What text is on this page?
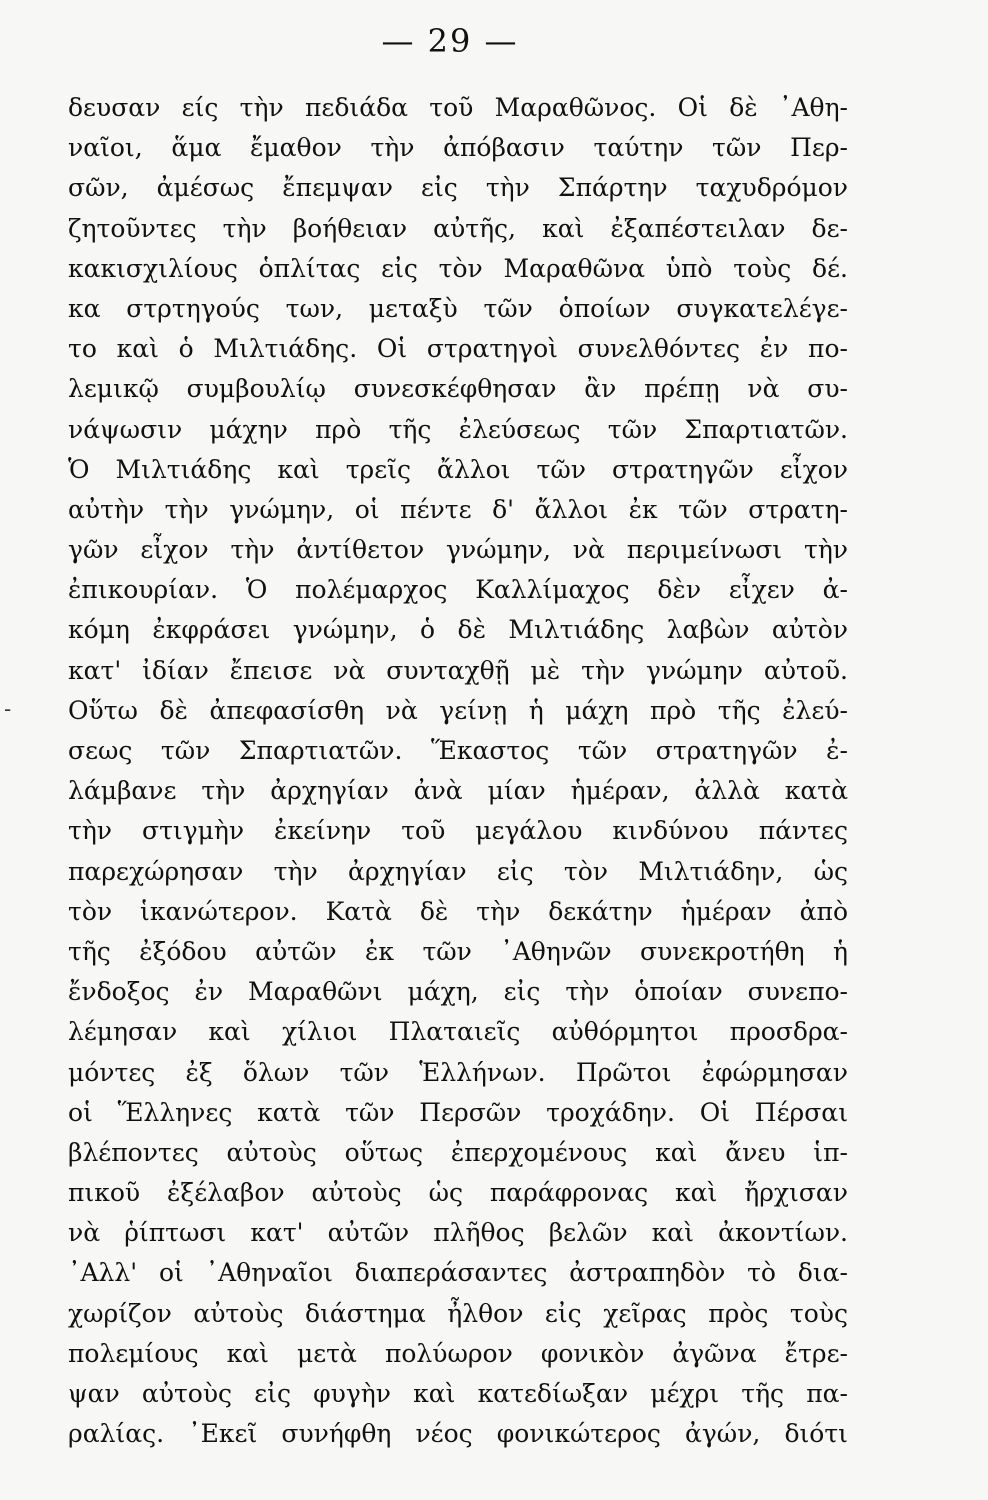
— 29 —
-
δευσαν είς τὴν πεδιάδα τοῦ Μαραθῶνος. Οἱ δὲ ᾿Αθη-
ναῖοι, ἅμα ἔμαθον τὴν ἀπόβασιν ταύτην τῶν Περ-
σῶν, ἀμέσως ἔπεμψαν εἰς τὴν Σπάρτην ταχυδρόμον
ζητοῦντες τὴν βοήθειαν αὐτῆς, καὶ ἐξαπέστειλαν δε-
κακισχιλίους ὁπλίτας εἰς τὸν Μαραθῶνα ὑπὸ τοὺς δέ.
κα στρτηγούς των, μεταξὺ τῶν ὁποίων συγκατελέγε-
το καὶ ὁ Μιλτιάδης. Οἱ στρατηγοὶ συνελθόντες ἐν πο-
λεμικῷ συμβουλίῳ συνεσκέφθησαν ἂν πρέπῃ νὰ συ-
νάψωσιν μάχην πρὸ τῆς ἐλεύσεως τῶν Σπαρτιατῶν.
Ὁ Μιλτιάδης καὶ τρεῖς ἄλλοι τῶν στρατηγῶν εἶχον
αὐτὴν τὴν γνώμην, οἱ πέντε δ' ἄλλοι ἐκ τῶν στρατη-
γῶν εἶχον τὴν ἀντίθετον γνώμην, νὰ περιμείνωσι τὴν
ἐπικουρίαν. Ὁ πολέμαρχος Καλλίμαχος δὲν εἶχεν ἀ-
κόμη ἐκφράσει γνώμην, ὁ δὲ Μιλτιάδης λαβὼν αὐτὸν
κατ' ἰδίαν ἔπεισε νὰ συνταχθῇ μὲ τὴν γνώμην αὐτοῦ.
Οὕτω δὲ ἀπεφασίσθη νὰ γείνῃ ἡ μάχη πρὸ τῆς ἐλεύ-
σεως τῶν Σπαρτιατῶν. Ἕκαστος τῶν στρατηγῶν ἐ-
λάμβανε τὴν ἀρχηγίαν ἀνὰ μίαν ἡμέραν, ἀλλὰ κατὰ
τὴν στιγμὴν ἐκείνην τοῦ μεγάλου κινδύνου πάντες
παρεχώρησαν τὴν ἀρχηγίαν εἰς τὸν Μιλτιάδην, ὡς
τὸν ἱκανώτερον. Κατὰ δὲ τὴν δεκάτην ἡμέραν ἀπὸ
τῆς ἐξόδου αὐτῶν ἐκ τῶν ᾿Αθηνῶν συνεκροτήθη ἡ
ἔνδοξος ἐν Μαραθῶνι μάχη, εἰς τὴν ὁποίαν συνεπο-
λέμησαν καὶ χίλιοι Πλαταιεῖς αὐθόρμητοι προσδρα-
μόντες ἐξ ὅλων τῶν Ἑλλήνων. Πρῶτοι ἐφώρμησαν
οἱ Ἕλληνες κατὰ τῶν Περσῶν τροχάδην. Οἱ Πέρσαι
βλέποντες αὐτοὺς οὕτως ἐπερχομένους καὶ ἄνευ ἱπ-
πικοῦ ἐξέλαβον αὐτοὺς ὡς παράφρονας καὶ ἤρχισαν
νὰ ῥίπτωσι κατ' αὐτῶν πλῆθος βελῶν καὶ ἀκοντίων.
᾿Αλλ' οἱ ᾿Αθηναῖοι διαπεράσαντες ἀστραπηδὸν τὸ δια-
χωρίζον αὐτοὺς διάστημα ἦλθον εἰς χεῖρας πρὸς τοὺς
πολεμίους καὶ μετὰ πολύωρον φονικὸν ἀγῶνα ἔτρε-
ψαν αὐτοὺς εἰς φυγὴν καὶ κατεδίωξαν μέχρι τῆς πα-
ραλίας. ᾿Εκεῖ συνήφθη νέος φονικώτερος ἀγών, διότι
